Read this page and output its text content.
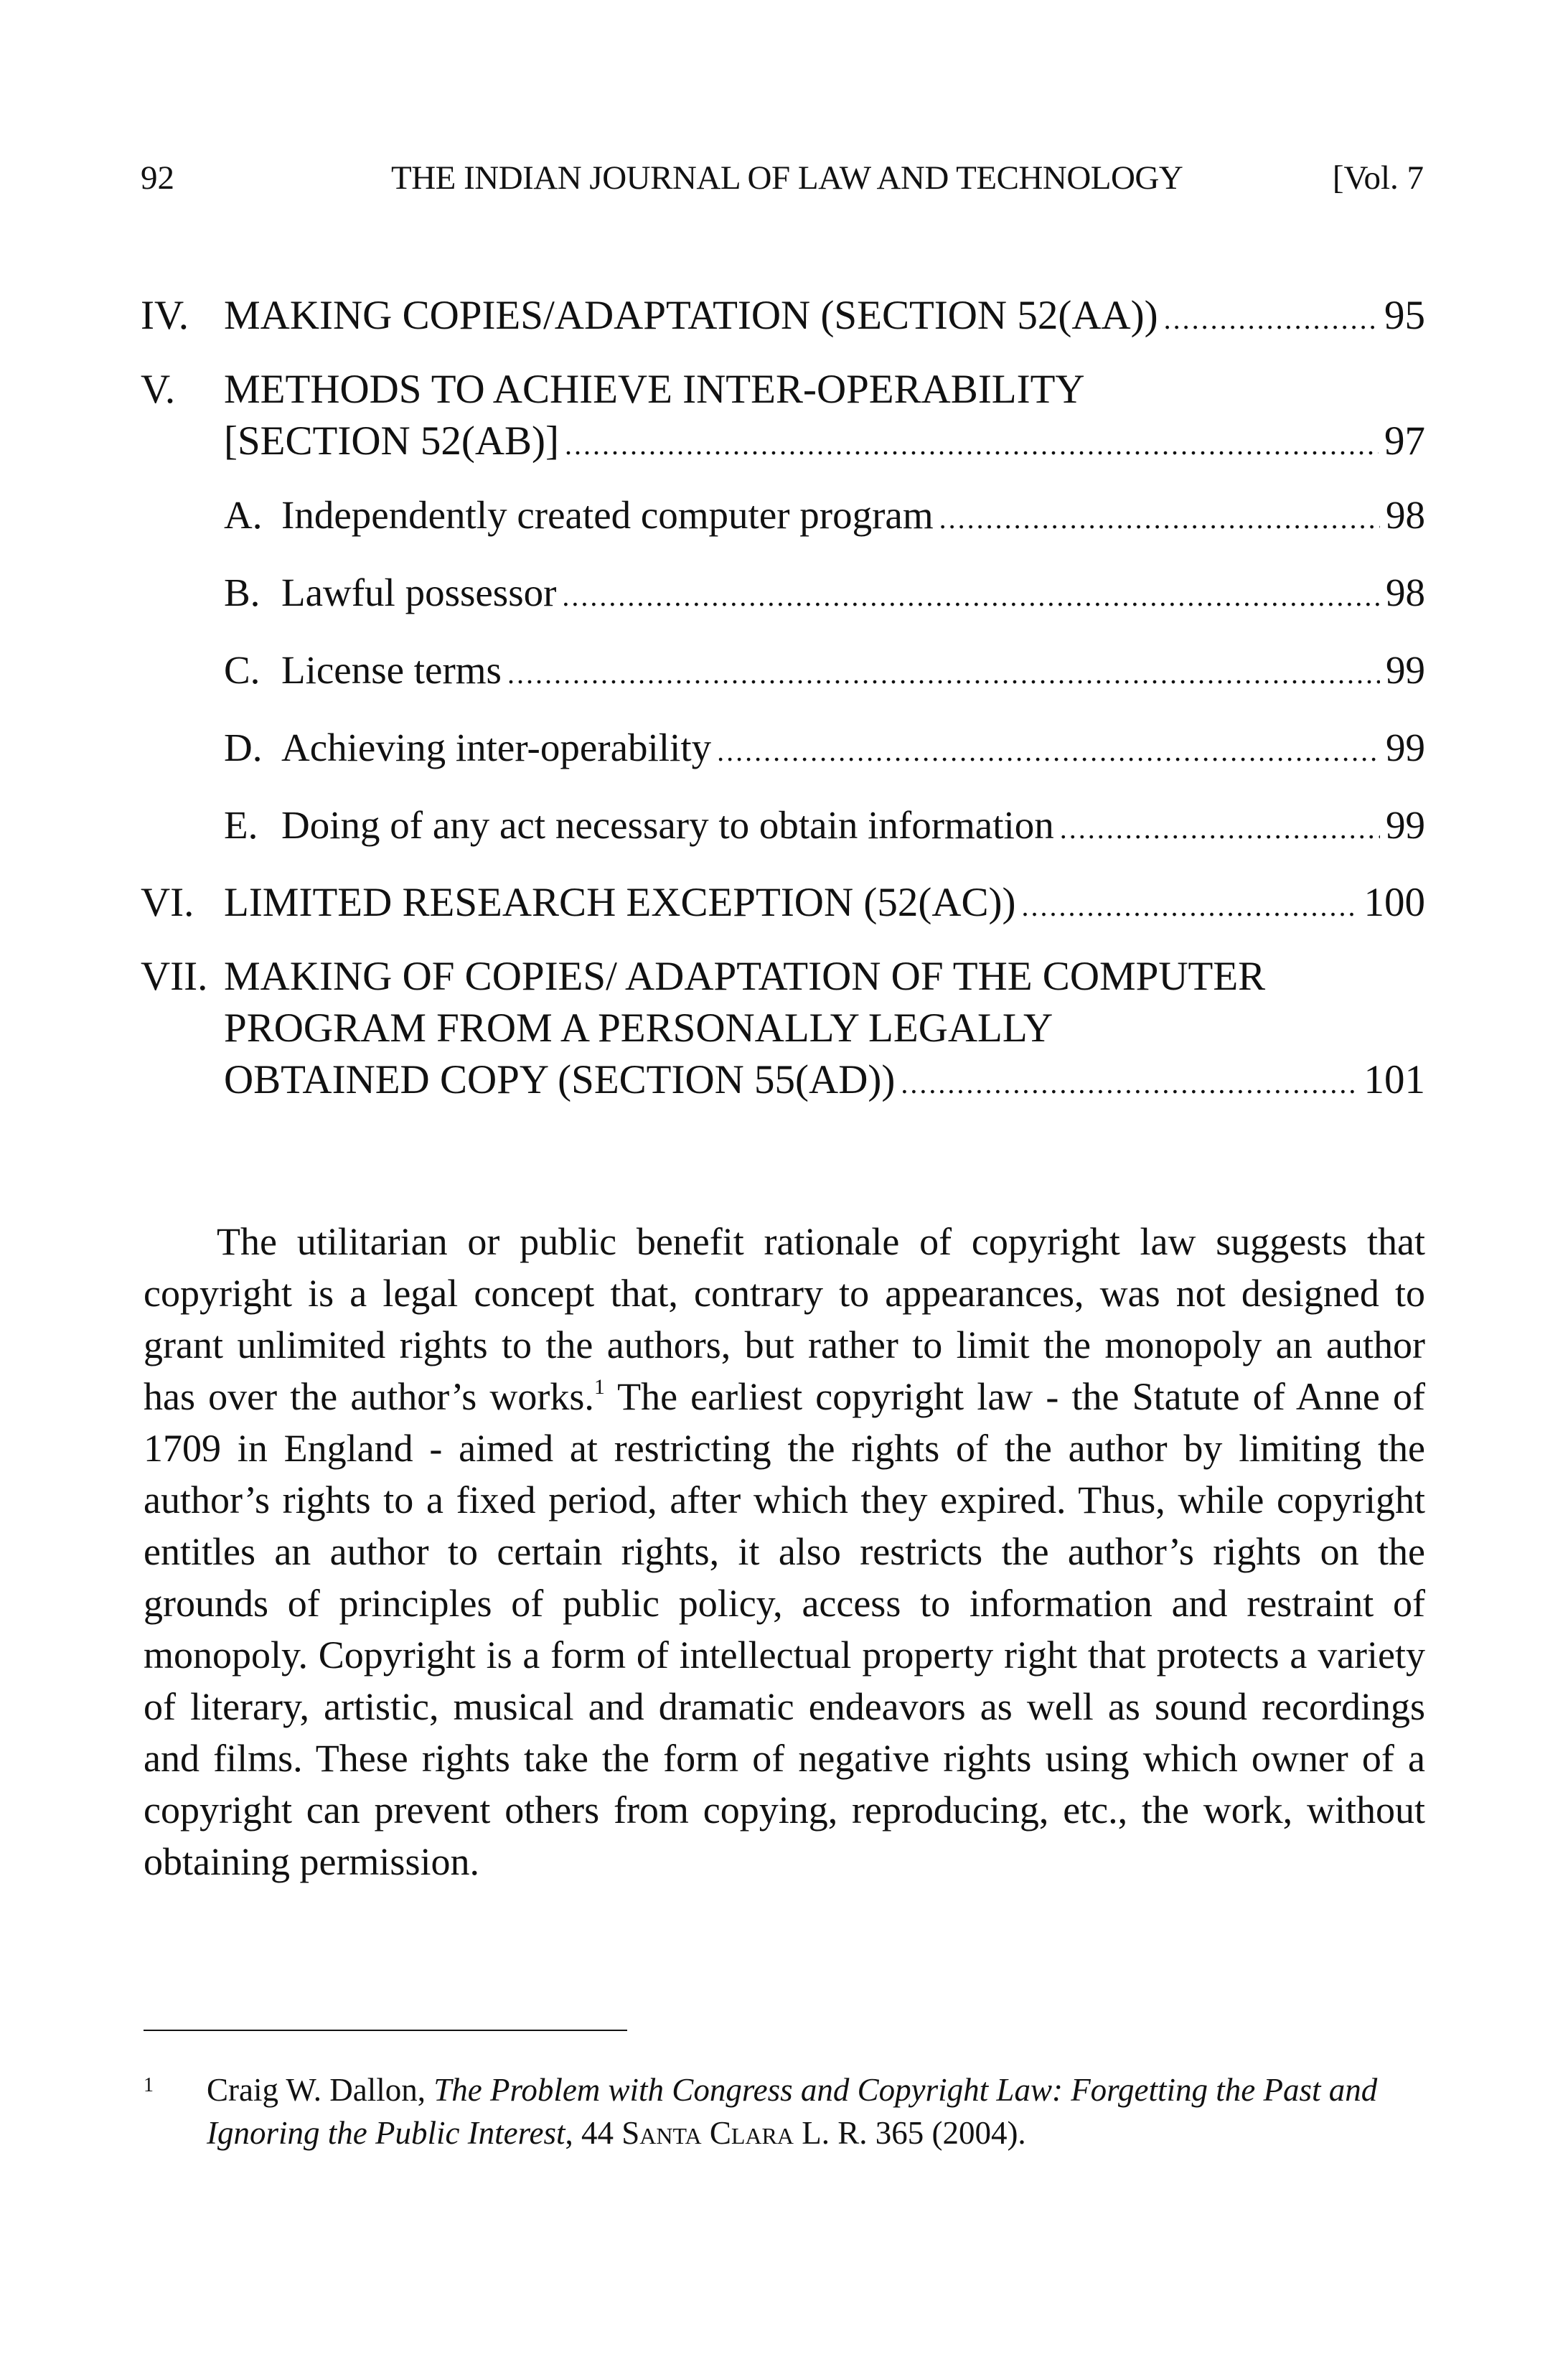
92	THE INDIAN JOURNAL OF LAW AND TECHNOLOGY	[Vol. 7
IV. MAKING COPIES/ADAPTATION (SECTION 52(AA)) .....	95
V. METHODS TO ACHIEVE INTER-OPERABILITY
[SECTION 52(AB)] .....	97
A. Independently created computer program .....	98
B. Lawful possessor .....	98
C. License terms .....	99
D. Achieving inter-operability .....	99
E. Doing of any act necessary to obtain information .....	99
VI. LIMITED RESEARCH EXCEPTION (52(AC)) .....	100
VII. MAKING OF COPIES/ ADAPTATION OF THE COMPUTER
PROGRAM FROM A PERSONALLY LEGALLY
OBTAINED COPY (SECTION 55(AD)) .....	101

The utilitarian or public benefit rationale of copyright law suggests that copyright is a legal concept that, contrary to appearances, was not designed to grant unlimited rights to the authors, but rather to limit the monopoly an author has over the author’s works.$^1$ The earliest copyright law - the Statute of Anne of 1709 in England - aimed at restricting the rights of the author by limiting the author’s rights to a fixed period, after which they expired. Thus, while copyright entitles an author to certain rights, it also restricts the author’s rights on the grounds of principles of public policy, access to information and restraint of monopoly. Copyright is a form of intellectual property right that protects a variety of literary, artistic, musical and dramatic endeavors as well as sound recordings and films. These rights take the form of negative rights using which owner of a copyright can prevent others from copying, reproducing, etc., the work, without obtaining permission.

1 Craig W. Dallon, The Problem with Congress and Copyright Law: Forgetting the Past and Ignoring the Public Interest, 44 Santa Clara L. R. 365 (2004).
